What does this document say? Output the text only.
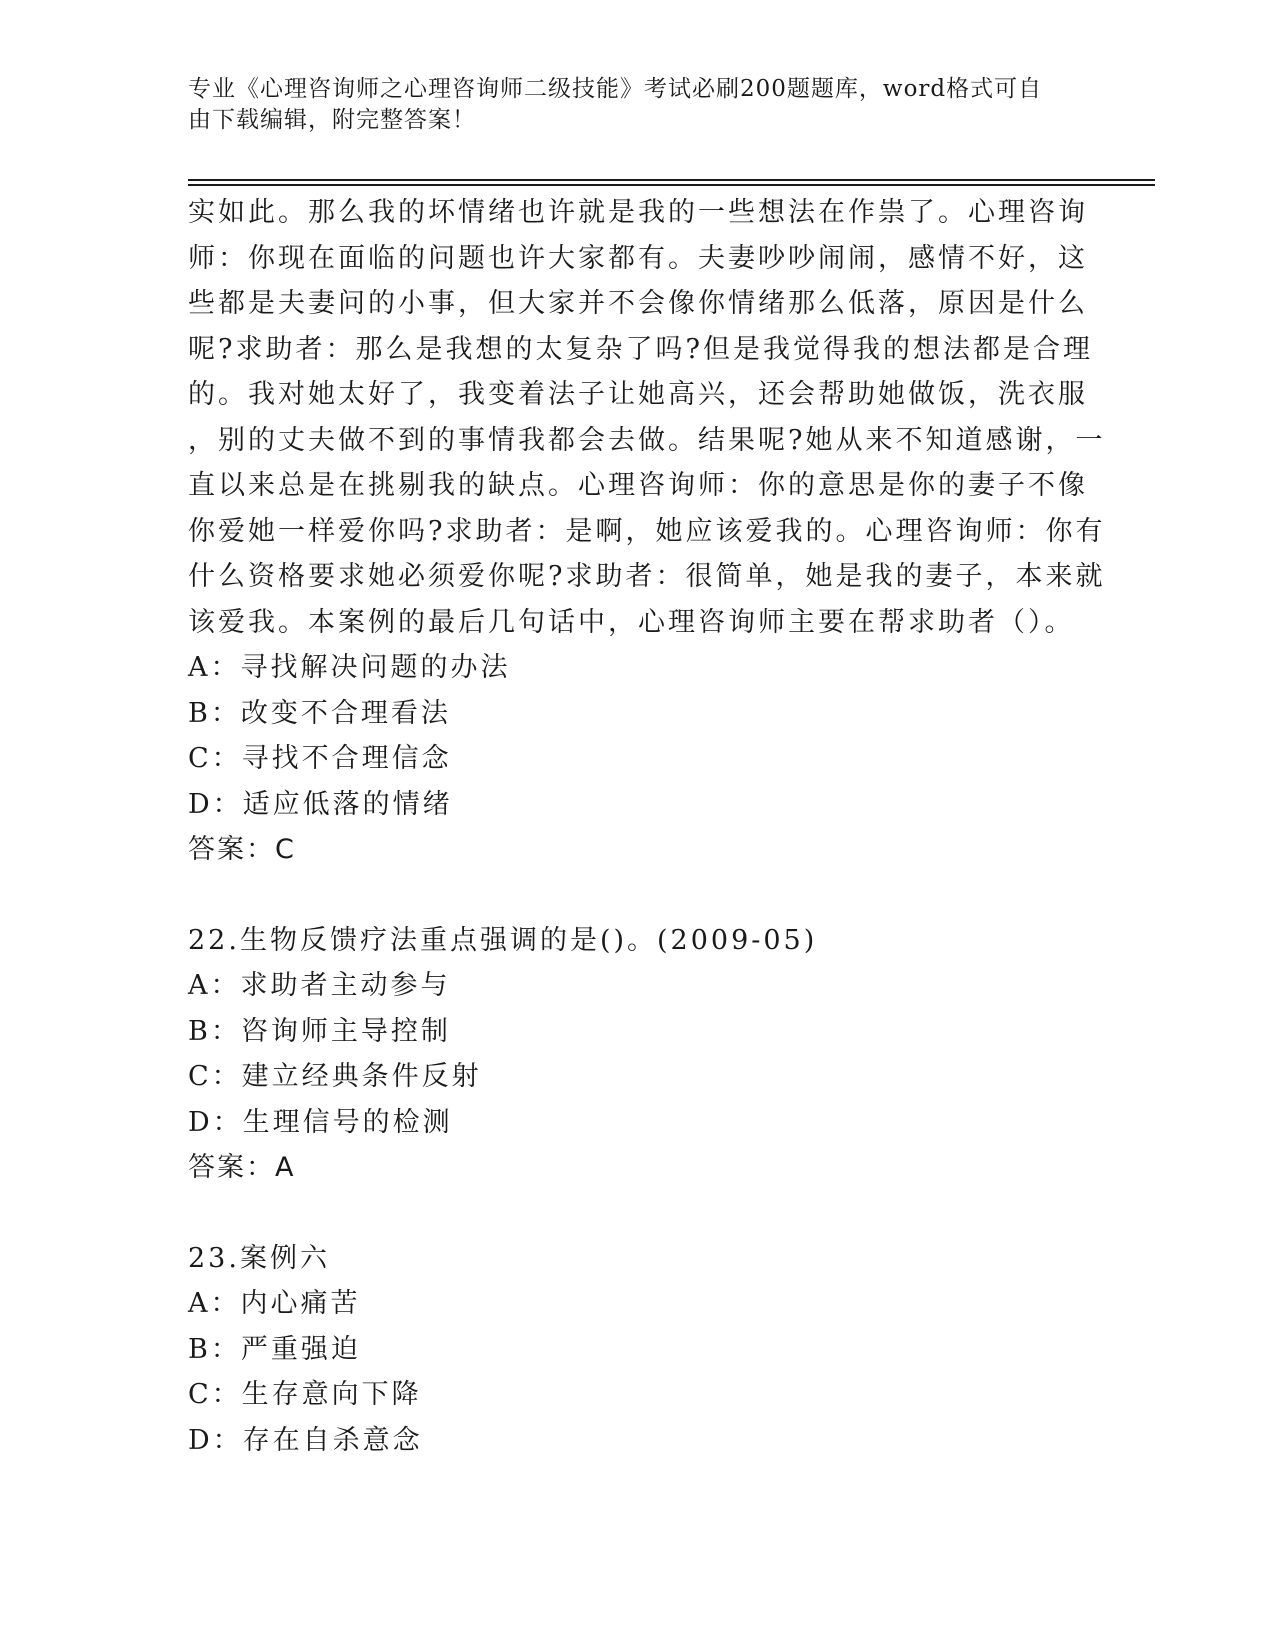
专业《心理咨询师之心理咨询师二级技能》考试必刷200题题库，word格式可自
由下载编辑，附完整答案！
实如此。那么我的坏情绪也许就是我的一些想法在作祟了。心理咨询
师：你现在面临的问题也许大家都有。夫妻吵吵闹闹，感情不好，这
些都是夫妻问的小事，但大家并不会像你情绪那么低落，原因是什么
呢?求助者：那么是我想的太复杂了吗?但是我觉得我的想法都是合理
的。我对她太好了，我变着法子让她高兴，还会帮助她做饭，洗衣服
，别的丈夫做不到的事情我都会去做。结果呢?她从来不知道感谢，一
直以来总是在挑剔我的缺点。心理咨询师：你的意思是你的妻子不像
你爱她一样爱你吗?求助者：是啊，她应该爱我的。心理咨询师：你有
什么资格要求她必须爱你呢?求助者：很简单，她是我的妻子，本来就
该爱我。本案例的最后几句话中，心理咨询师主要在帮求助者（）。
A：寻找解决问题的办法
B：改变不合理看法
C：寻找不合理信念
D：适应低落的情绪
答案：C
22.生物反馈疗法重点强调的是()。(2009-05)
A：求助者主动参与
B：咨询师主导控制
C：建立经典条件反射
D：生理信号的检测
答案：A
23.案例六
A：内心痛苦
B：严重强迫
C：生存意向下降
D：存在自杀意念
